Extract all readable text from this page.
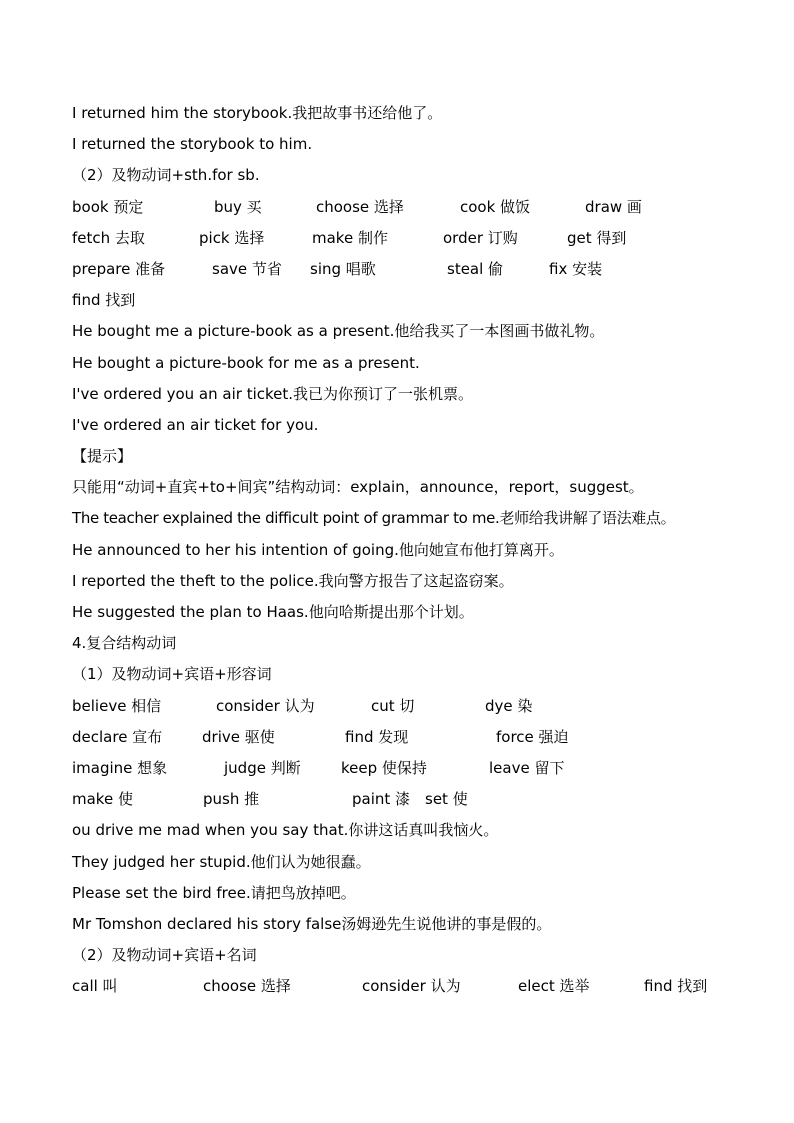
I returned him the storybook.我把故事书还给他了。
I returned the storybook to him.
（2）及物动词+sth.for sb.
book 预定	buy 买	choose 选择	cook 做饭	draw 画
fetch 去取	pick 选择	make 制作	order 订购	get 得到
prepare 准备	save 节省 sing 唱歌	steal 偷	fix 安装
find 找到
He bought me a picture-book as a present.他给我买了一本图画书做礼物。
He bought a picture-book for me as a present.
I've ordered you an air ticket.我已为你预订了一张机票。
I've ordered an air ticket for you.
【提示】
只能用“动词+直宾+to+间宾”结构动词：explain，announce，report，suggest。
The teacher explained the difficult point of grammar to me.老师给我讲解了语法难点。
He announced to her his intention of going.他向她宣布他打算离开。
I reported the theft to the police.我向警方报告了这起盗窃案。
He suggested the plan to Haas.他向哈斯提出那个计划。
4.复合结构动词
（1）及物动词+宾语+形容词
believe 相信	consider 认为	cut 切	dye 染
declare 宣布	drive 驱使	find 发现	force 强迫
imagine 想象	judge 判断	keep 使保持	leave 留下
make 使	push 推	paint 漆 set 使
ou drive me mad when you say that.你讲这话真叫我恼火。
They judged her stupid.他们认为她很蠢。
Please set the bird free.请把鸟放掉吧。
Mr Tomshon declared his story false汤姆逊先生说他讲的事是假的。
（2）及物动词+宾语+名词
call 叫	choose 选择	consider 认为	elect 选举	find 找到
